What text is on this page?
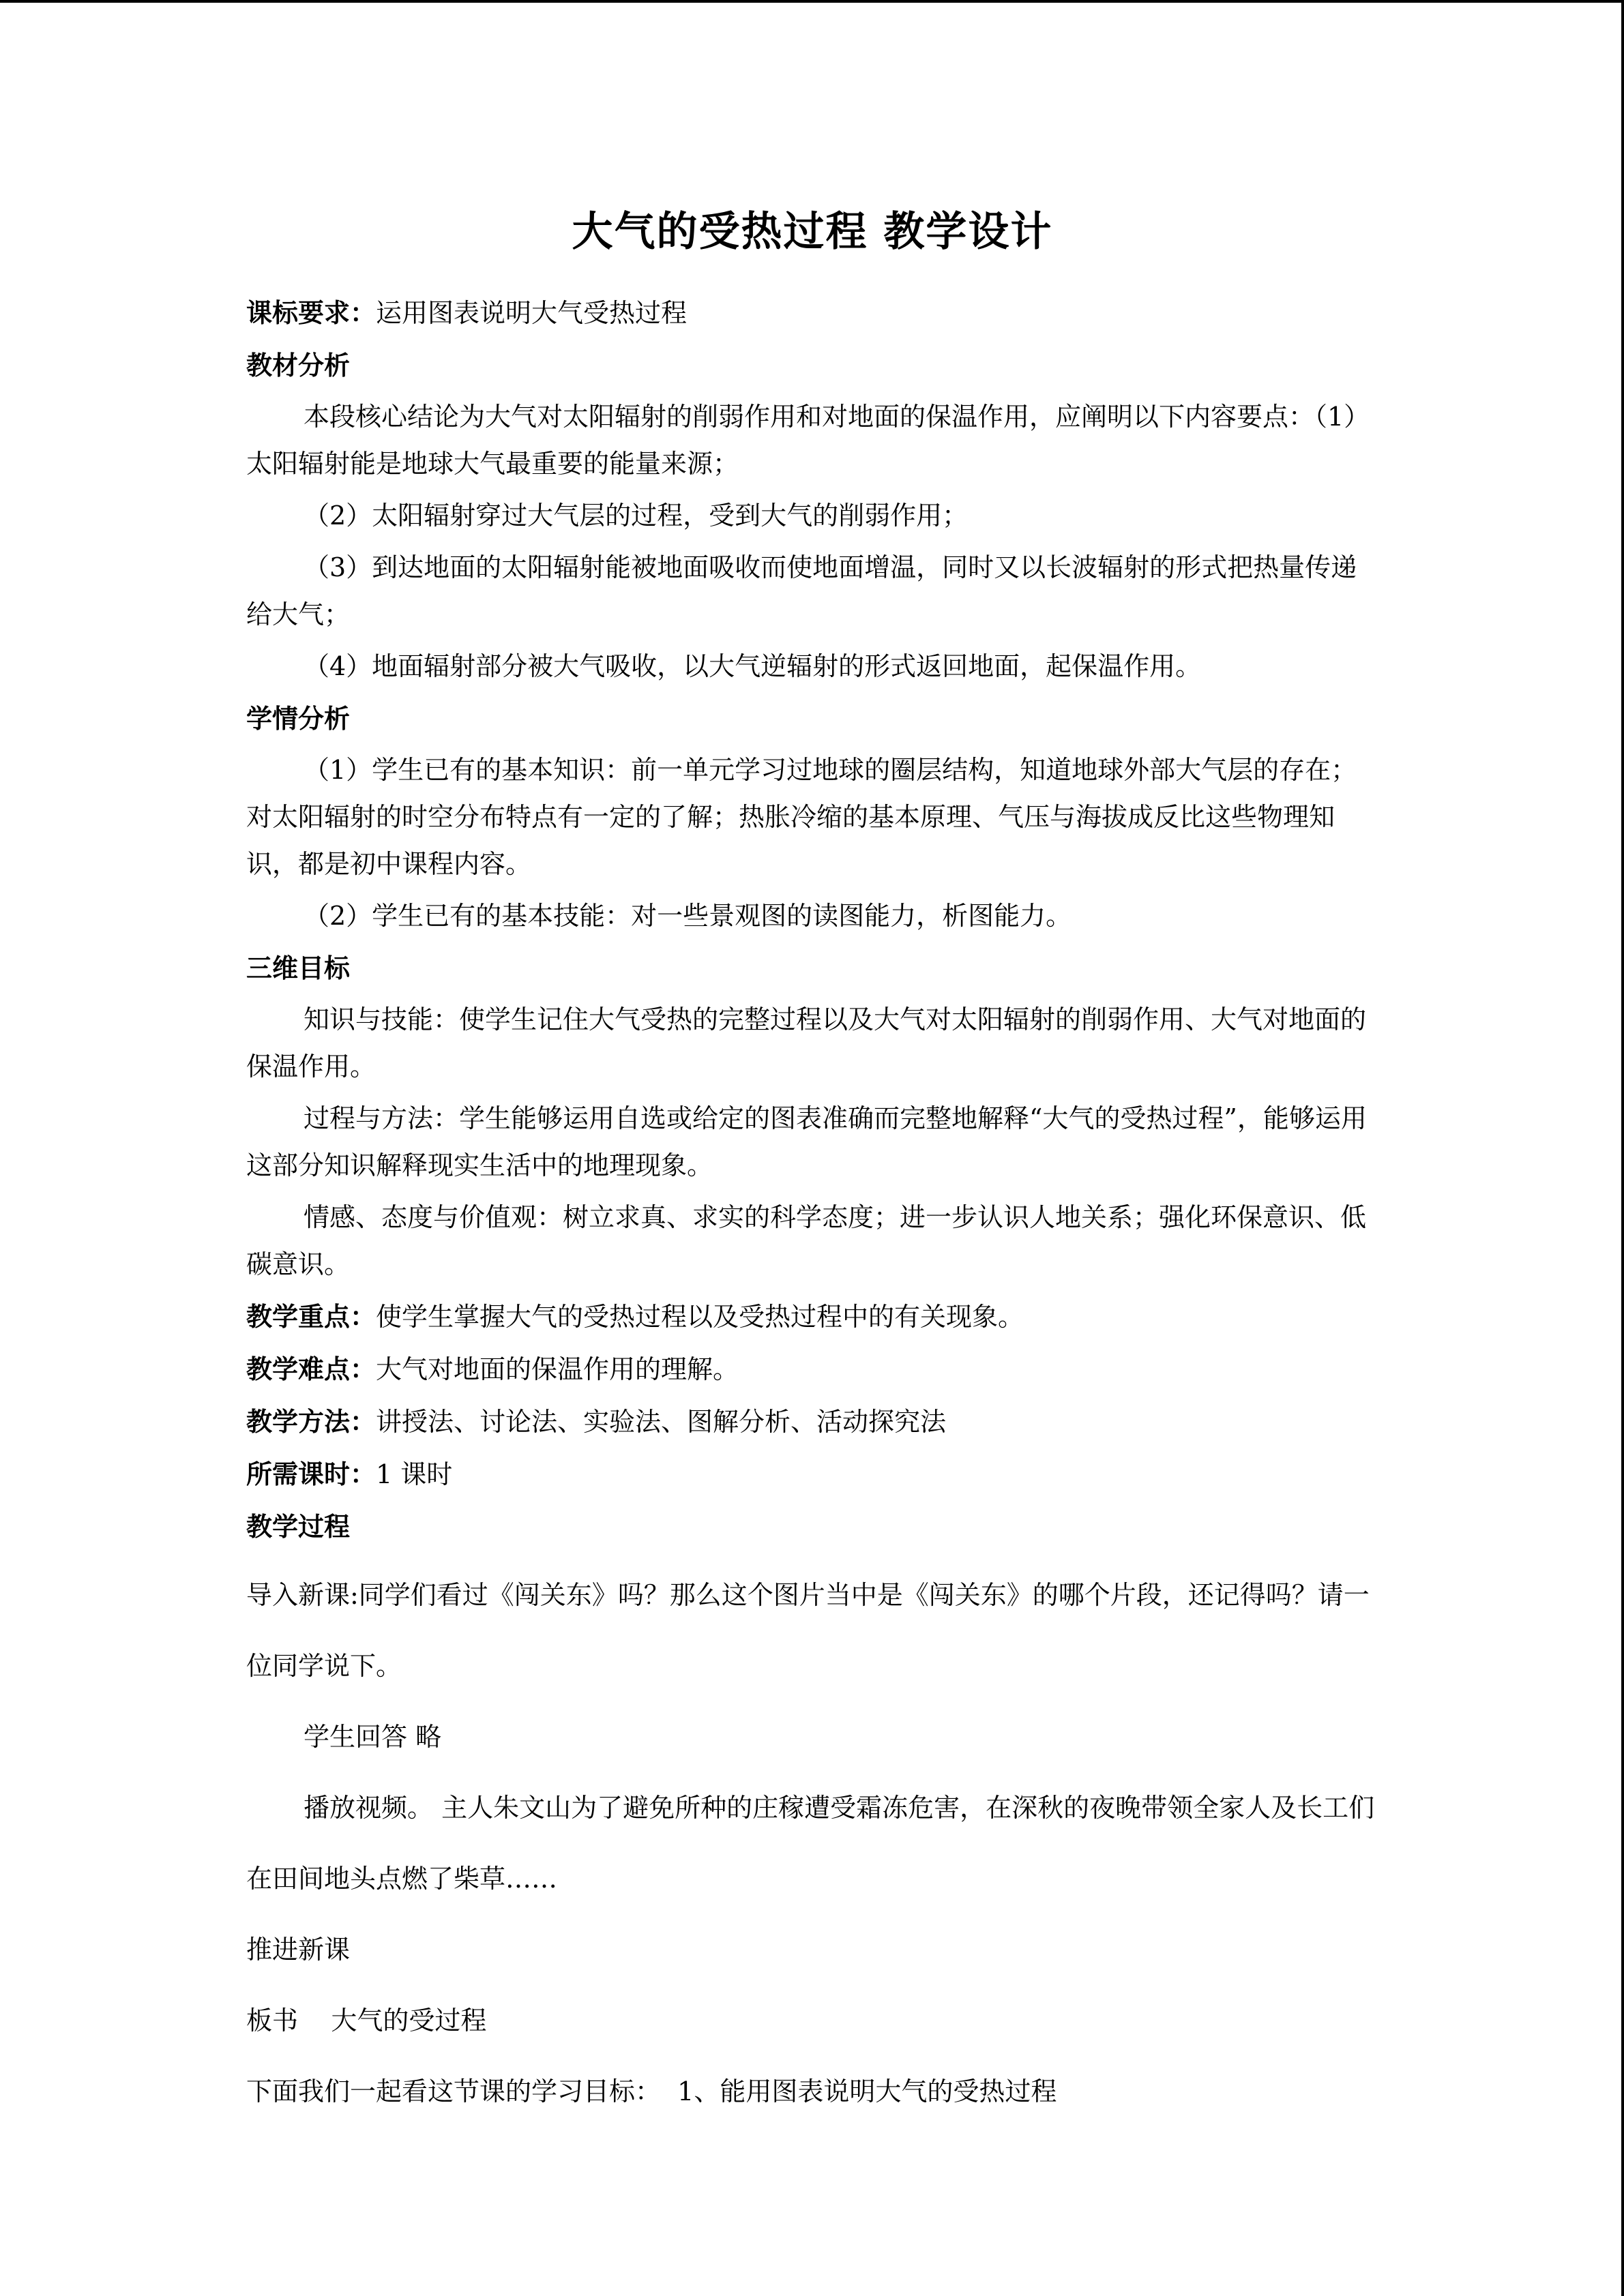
大气的受热过程 教学设计
课标要求：运用图表说明大气受热过程
教材分析
本段核心结论为大气对太阳辐射的削弱作用和对地面的保温作用，应阐明以下内容要点：（1）太阳辐射能是地球大气最重要的能量来源；
（2）太阳辐射穿过大气层的过程，受到大气的削弱作用；
（3）到达地面的太阳辐射能被地面吸收而使地面增温，同时又以长波辐射的形式把热量传递给大气；
（4）地面辐射部分被大气吸收，以大气逆辐射的形式返回地面，起保温作用。
学情分析
（1）学生已有的基本知识：前一单元学习过地球的圈层结构，知道地球外部大气层的存在；对太阳辐射的时空分布特点有一定的了解；热胀冷缩的基本原理、气压与海拔成反比这些物理知识，都是初中课程内容。
（2）学生已有的基本技能：对一些景观图的读图能力，析图能力。
三维目标
知识与技能：使学生记住大气受热的完整过程以及大气对太阳辐射的削弱作用、大气对地面的保温作用。
过程与方法：学生能够运用自选或给定的图表准确而完整地解释“大气的受热过程”，能够运用这部分知识解释现实生活中的地理现象。
情感、态度与价值观：树立求真、求实的科学态度；进一步认识人地关系；强化环保意识、低碳意识。
教学重点：使学生掌握大气的受热过程以及受热过程中的有关现象。
教学难点：大气对地面的保温作用的理解。
教学方法：讲授法、讨论法、实验法、图解分析、活动探究法
所需课时：1 课时
教学过程
导入新课:同学们看过《闯关东》吗？那么这个图片当中是《闯关东》的哪个片段，还记得吗？请一位同学说下。
学生回答 略
播放视频。 主人朱文山为了避免所种的庄稼遭受霜冻危害，在深秋的夜晚带领全家人及长工们在田间地头点燃了柴草……
推进新课
板书    大气的受过程
下面我们一起看这节课的学习目标：  1、能用图表说明大气的受热过程
